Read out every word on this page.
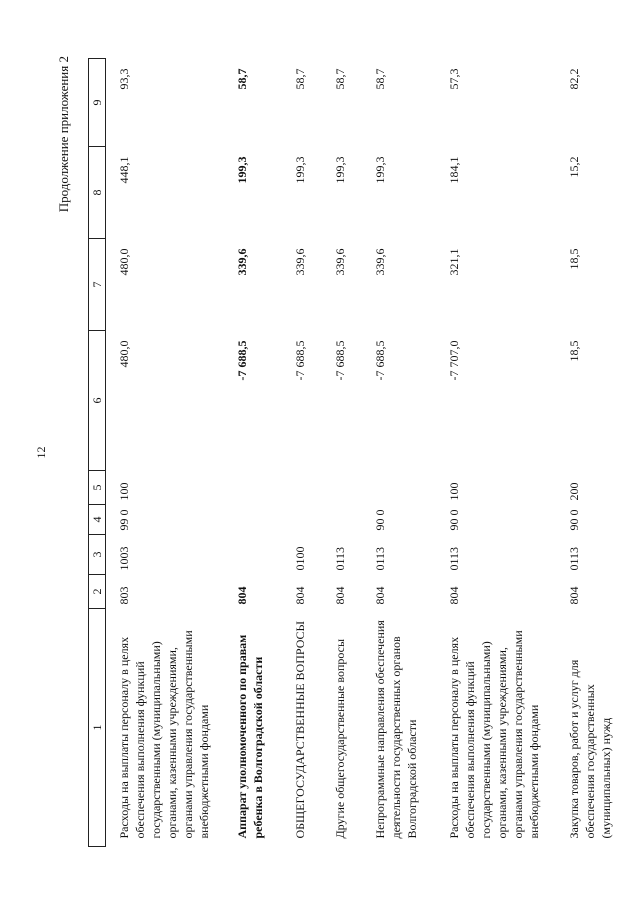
12
Продолжение приложения 2
1	2	3	4	5	6	7	8	9
Расходы на выплаты персоналу в целях обеспечения выполнения функций государственными (муниципальными) органами, казенными учреждениями, органами управления государственными внебюджетными фондами	803	1003	99 0	100	480,0	480,0	448,1	93,3
Аппарат уполномоченного по правам ребенка в Волгоградской области	804				-7 688,5	339,6	199,3	58,7
ОБЩЕГОСУДАРСТВЕННЫЕ ВОПРОСЫ	804	0100			-7 688,5	339,6	199,3	58,7
Другие общегосударственные вопросы	804	0113			-7 688,5	339,6	199,3	58,7
Непрограммные направления обеспечения деятельности государственных органов Волгоградской области	804	0113	90 0		-7 688,5	339,6	199,3	58,7
Расходы на выплаты персоналу в целях обеспечения выполнения функций государственными (муниципальными) органами, казенными учреждениями, органами управления государственными внебюджетными фондами	804	0113	90 0	100	-7 707,0	321,1	184,1	57,3
Закупка товаров, работ и услуг для обеспечения государственных (муниципальных) нужд	804	0113	90 0	200	18,5	18,5	15,2	82,2
